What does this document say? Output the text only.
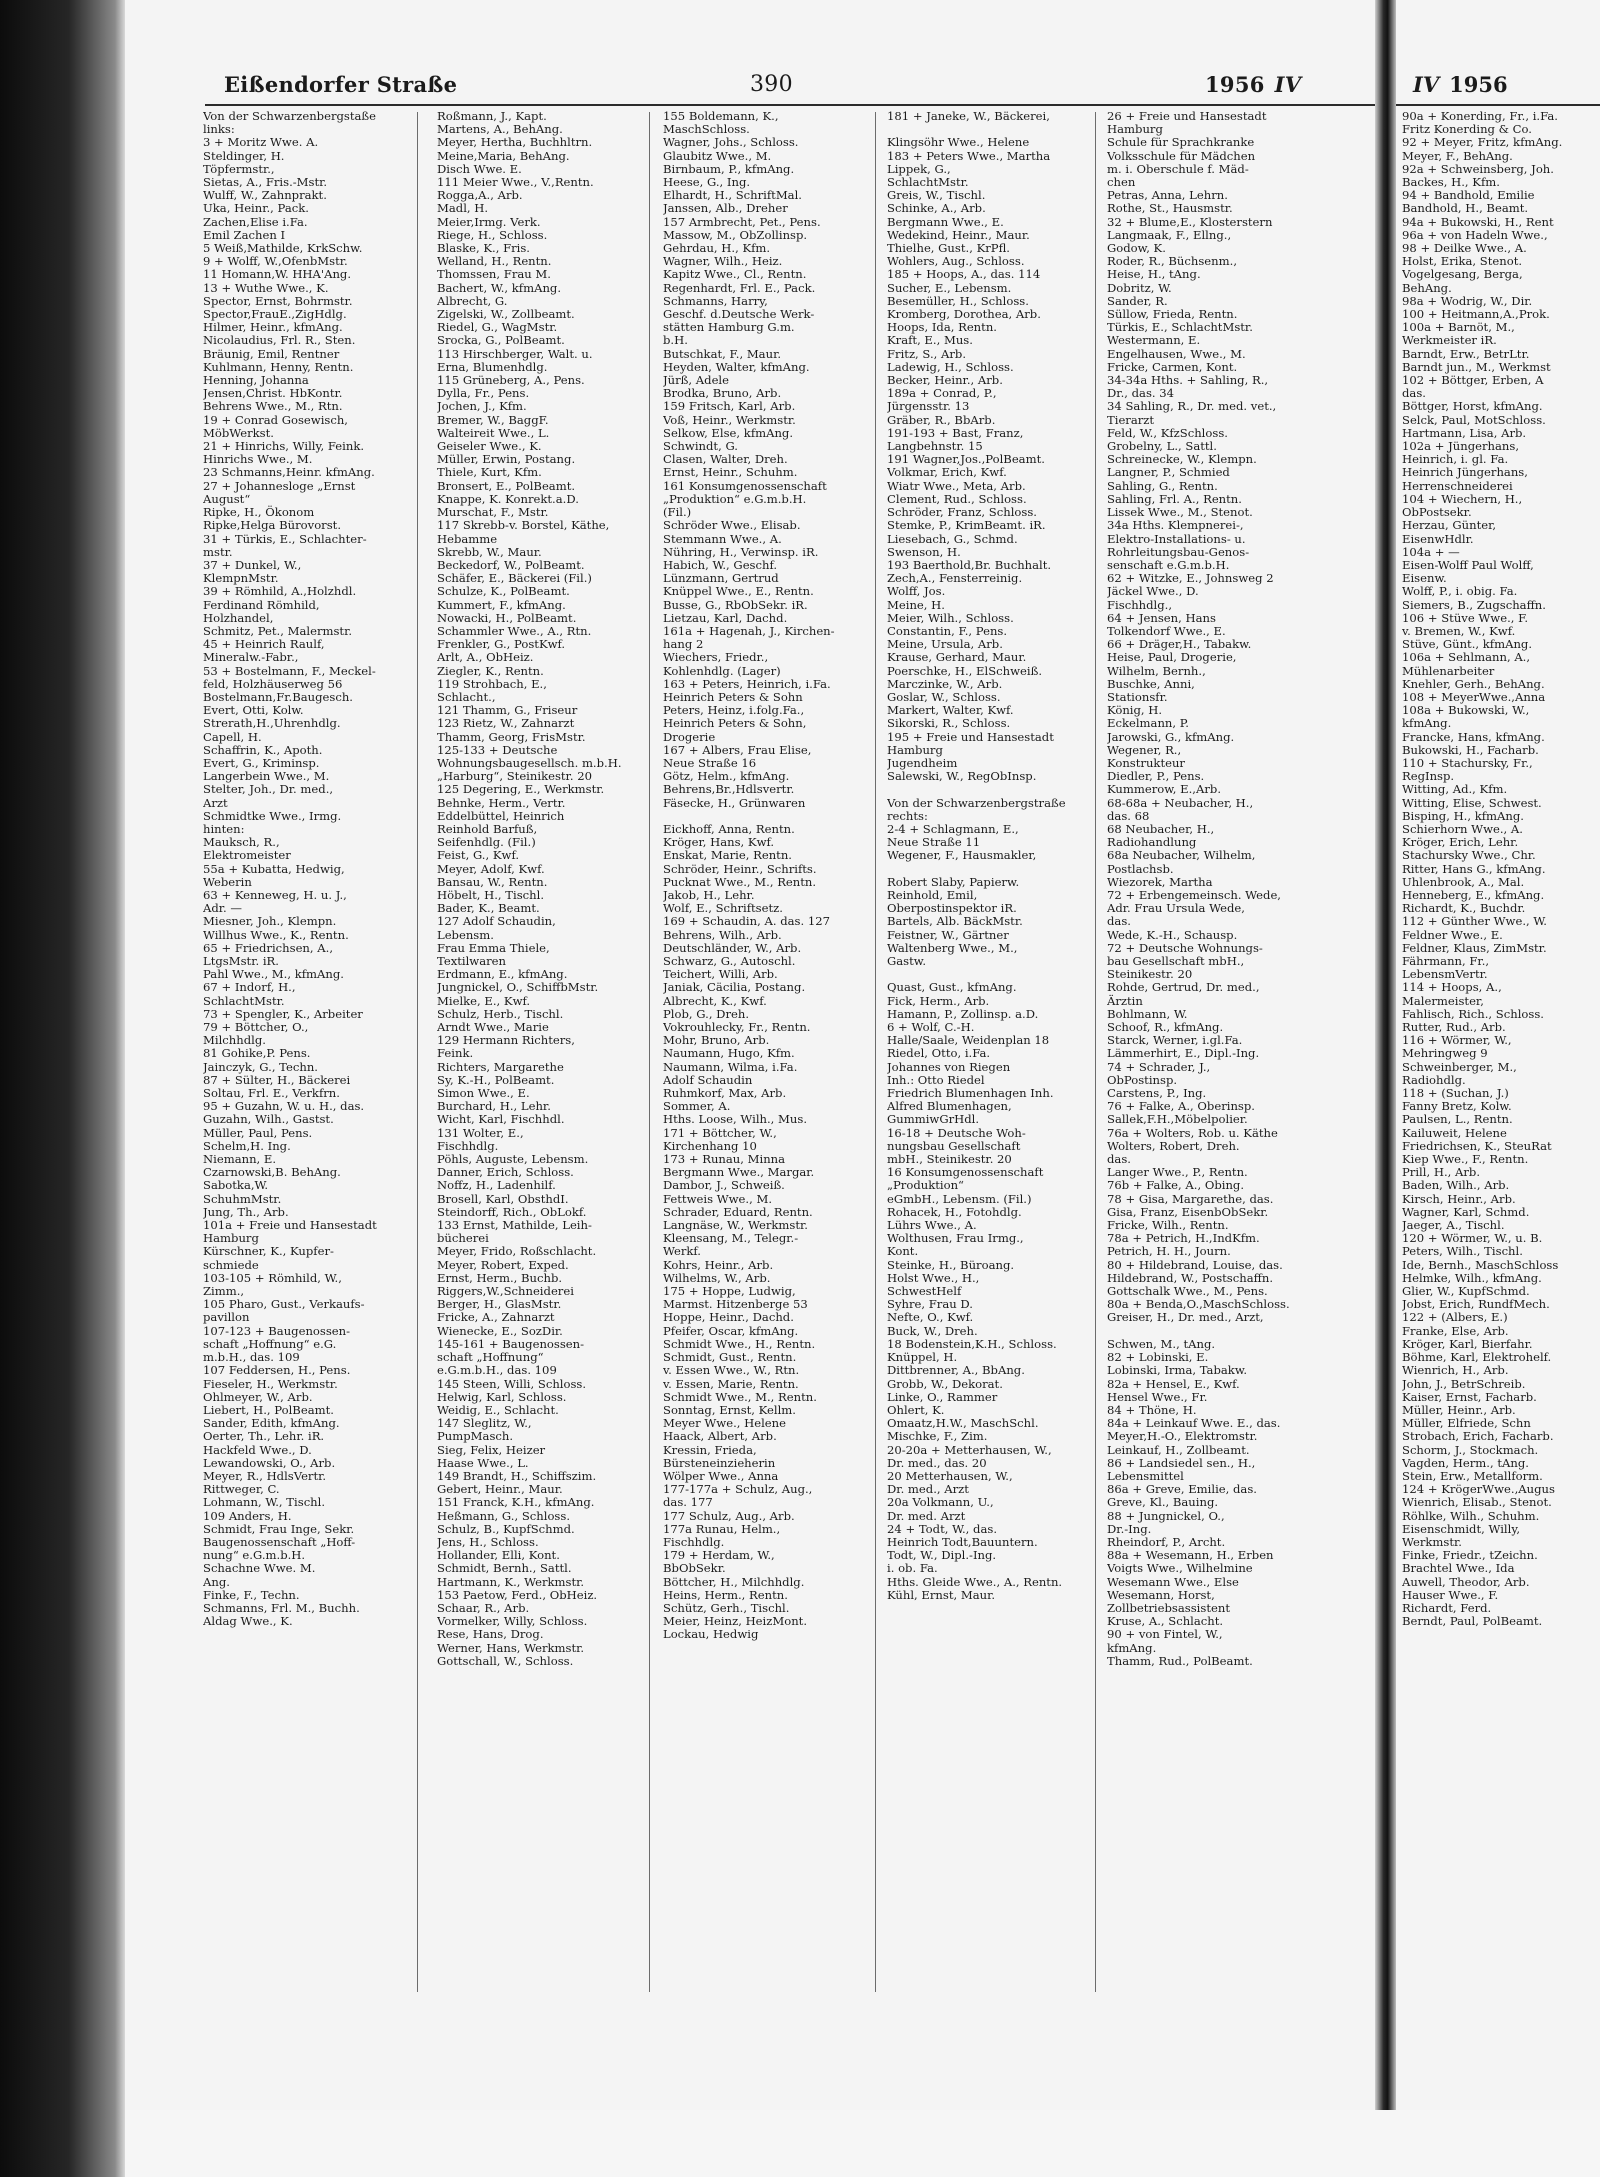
Eißendorfer Straße	390	1956 IV
Von der Schwarzenbergstaße
links:
3 + Moritz Wwe. A.
Steldinger, H.
Töpfermstr.,
Sietas, A., Fris.-Mstr.
Wulff, W., Zahnprakt.
Uka, Heinr., Pack.
Zachen,Elise i.Fa.
Emil Zachen I
5 Weiß,Mathilde, KrkSchw.
9 + Wolff, W.,OfenbMstr.
11 Homann,W. HHA'Ang.
13 + Wuthe Wwe., K.
Spector, Ernst, Bohrmstr.
Spector,FrauE.,ZigHdlg.
Hilmer, Heinr., kfmAng.
Nicolaudius, Frl. R., Sten.
Bräunig, Emil, Rentner
Kuhlmann, Henny, Rentn.
Henning, Johanna
Jensen,Christ. HbKontr.
Behrens Wwe., M., Rtn.
19 + Conrad Gosewisch,
MöbWerkst.
21 + Hinrichs, Willy, Feink.
Hinrichs Wwe., M.
23 Schmanns,Heinr. kfmAng.
27 + Johannesloge „Ernst
August“
Ripke, H., Ökonom
Ripke,Helga Bürovorst.
31 + Türkis, E., Schlachter-
mstr.
37 + Dunkel, W.,
KlempnMstr.
39 + Römhild, A.,Holzhdl.
Ferdinand Römhild,
Holzhandel,
Schmitz, Pet., Malermstr.
45 + Heinrich Raulf,
Mineralw.-Fabr.,
53 + Bostelmann, F., Meckel-
feld, Holzhäuserweg 56
Bostelmann,Fr.Baugesch.
Evert, Otti, Kolw.
Strerath,H.,Uhrenhdlg.
Capell, H.
Schaffrin, K., Apoth.
Evert, G., Kriminsp.
Langerbein Wwe., M.
Stelter, Joh., Dr. med.,
Arzt
Schmidtke Wwe., Irmg.
hinten:
Mauksch, R.,
Elektromeister
55a + Kubatta, Hedwig,
Weberin
63 + Kenneweg, H. u. J.,
Adr. —
Miesner, Joh., Klempn.
Willhus Wwe., K., Rentn.
65 + Friedrichsen, A.,
LtgsMstr. iR.
Pahl Wwe., M., kfmAng.
67 + Indorf, H.,
SchlachtMstr.
73 + Spengler, K., Arbeiter
79 + Böttcher, O.,
Milchhdlg.
81 Gohike,P. Pens.
Jainczyk, G., Techn.
87 + Sülter, H., Bäckerei
Soltau, Frl. E., Verkfrn.
95 + Guzahn, W. u. H., das.
Guzahn, Wilh., Gastst.
Müller, Paul, Pens.
Schelm,H. Ing.
Niemann, E.
Czarnowski,B. BehAng.
Sabotka,W.
SchuhmMstr.
Jung, Th., Arb.
101a + Freie und Hansestadt
Hamburg
Kürschner, K., Kupfer-
schmiede
103-105 + Römhild, W.,
Zimm.,
105 Pharo, Gust., Verkaufs-
pavillon
107-123 + Baugenossen-
schaft „Hoffnung“ e.G.
m.b.H., das. 109
107 Feddersen, H., Pens.
Fieseler, H., Werkmstr.
Ohlmeyer, W., Arb.
Liebert, H., PolBeamt.
Sander, Edith, kfmAng.
Oerter, Th., Lehr. iR.
Hackfeld Wwe., D.
Lewandowski, O., Arb.
Meyer, R., HdlsVertr.
Rittweger, C.
Lohmann, W., Tischl.
109 Anders, H.
Schmidt, Frau Inge, Sekr.
Baugenossenschaft „Hoff-
nung“ e.G.m.b.H.
Schachne Wwe. M.
Ang.
Finke, F., Techn.
Schmanns, Frl. M., Buchh.
Aldag Wwe., K.
Roßmann, J., Kapt.
Martens, A., BehAng.
Meyer, Hertha, Buchhltrn.
Meine,Maria, BehAng.
Disch Wwe. E.
111 Meier Wwe., V.,Rentn.
Rogga,A., Arb.
Madl, H.
Meier,Irmg. Verk.
Riege, H., Schloss.
Blaske, K., Fris.
Welland, H., Rentn.
Thomssen, Frau M.
Bachert, W., kfmAng.
Albrecht, G.
Zigelski, W., Zollbeamt.
Riedel, G., WagMstr.
Srocka, G., PolBeamt.
113 Hirschberger, Walt. u.
Erna, Blumenhdlg.
115 Grüneberg, A., Pens.
Dylla, Fr., Pens.
Jochen, J., Kfm.
Bremer, W., BaggF.
Walteireit Wwe., L.
Geiseler Wwe., K.
Müller, Erwin, Postang.
Thiele, Kurt, Kfm.
Bronsert, E., PolBeamt.
Knappe, K. Konrekt.a.D.
Murschat, F., Mstr.
117 Skrebb-v. Borstel, Käthe,
Hebamme
Skrebb, W., Maur.
Beckedorf, W., PolBeamt.
Schäfer, E., Bäckerei (Fil.)
Schulze, K., PolBeamt.
Kummert, F., kfmAng.
Nowacki, H., PolBeamt.
Schammler Wwe., A., Rtn.
Frenkler, G., PostKwf.
Arlt, A., ObHeiz.
Ziegler, K., Rentn.
119 Strohbach, E.,
Schlacht.,
121 Thamm, G., Friseur
123 Rietz, W., Zahnarzt
Thamm, Georg, FrisMstr.
125-133 + Deutsche
Wohnungsbaugesellsch. m.b.H.
„Harburg“, Steinikestr. 20
125 Degering, E., Werkmstr.
Behnke, Herm., Vertr.
Eddelbüttel, Heinrich
Reinhold Barfuß,
Seifenhdlg. (Fil.)
Feist, G., Kwf.
Meyer, Adolf, Kwf.
Bansau, W., Rentn.
Höbelt, H., Tischl.
Bader, K., Beamt.
127 Adolf Schaudin,
Lebensm.
Frau Emma Thiele,
Textilwaren
Erdmann, E., kfmAng.
Jungnickel, O., SchiffbMstr.
Mielke, E., Kwf.
Schulz, Herb., Tischl.
Arndt Wwe., Marie
129 Hermann Richters,
Feink.
Richters, Margarethe
Sy, K.-H., PolBeamt.
Simon Wwe., E.
Burchard, H., Lehr.
Wicht, Karl, Fischhdl.
131 Wolter, E.,
Fischhdlg.
Pöhls, Auguste, Lebensm.
Danner, Erich, Schloss.
Noffz, H., Ladenhilf.
Brosell, Karl, ObsthdI.
Steindorff, Rich., ObLokf.
133 Ernst, Mathilde, Leih-
bücherei
Meyer, Frido, Roßschlacht.
Meyer, Robert, Exped.
Ernst, Herm., Buchb.
Riggers,W.,Schneiderei
Berger, H., GlasMstr.
Fricke, A., Zahnarzt
Wienecke, E., SozDir.
145-161 + Baugenossen-
schaft „Hoffnung“
e.G.m.b.H., das. 109
145 Steen, Willi, Schloss.
Helwig, Karl, Schloss.
Weidig, E., Schlacht.
147 Sleglitz, W.,
PumpMasch.
Sieg, Felix, Heizer
Haase Wwe., L.
149 Brandt, H., Schiffszim.
Gebert, Heinr., Maur.
151 Franck, K.H., kfmAng.
Heßmann, G., Schloss.
Schulz, B., KupfSchmd.
Jens, H., Schloss.
Hollander, Elli, Kont.
Schmidt, Bernh., Sattl.
Hartmann, K., Werkmstr.
153 Paetow, Ferd., ObHeiz.
Schaar, R., Arb.
Vormelker, Willy, Schloss.
Rese, Hans, Drog.
Werner, Hans, Werkmstr.
Gottschall, W., Schloss.
155 Boldemann, K.,
MaschSchloss.
Wagner, Johs., Schloss.
Glaubitz Wwe., M.
Birnbaum, P., kfmAng.
Heese, G., Ing.
Elhardt, H., SchriftMal.
Janssen, Alb., Dreher
157 Armbrecht, Pet., Pens.
Massow, M., ObZollinsp.
Gehrdau, H., Kfm.
Wagner, Wilh., Heiz.
Kapitz Wwe., Cl., Rentn.
Regenhardt, Frl. E., Pack.
Schmanns, Harry,
Geschf. d.Deutsche Werk-
stätten Hamburg G.m.
b.H.
Butschkat, F., Maur.
Heyden, Walter, kfmAng.
Jürß, Adele
Brodka, Bruno, Arb.
159 Fritsch, Karl, Arb.
Voß, Heinr., Werkmstr.
Selkow, Else, kfmAng.
Schwindt, G.
Clasen, Walter, Dreh.
Ernst, Heinr., Schuhm.
161 Konsumgenossenschaft
„Produktion“ e.G.m.b.H.
(Fil.)
Schröder Wwe., Elisab.
Stemmann Wwe., A.
Nühring, H., Verwinsp. iR.
Habich, W., Geschf.
Lünzmann, Gertrud
Knüppel Wwe., E., Rentn.
Busse, G., RbObSekr. iR.
Lietzau, Karl, Dachd.
161a + Hagenah, J., Kirchen-
hang 2
Wiechers, Friedr.,
Kohlenhdlg. (Lager)
163 + Peters, Heinrich, i.Fa.
Heinrich Peters & Sohn
Peters, Heinz, i.folg.Fa.,
Heinrich Peters & Sohn,
Drogerie
167 + Albers, Frau Elise,
Neue Straße 16
Götz, Helm., kfmAng.
Behrens,Br.,Hdlsvertr.
Fäsecke, H., Grünwaren

Eickhoff, Anna, Rentn.
Kröger, Hans, Kwf.
Enskat, Marie, Rentn.
Schröder, Heinr., Schrifts.
Pucknat Wwe., M., Rentn.
Jakob, H., Lehr.
Wolf, E., Schriftsetz.
169 + Schaudin, A. das. 127
Behrens, Wilh., Arb.
Deutschländer, W., Arb.
Schwarz, G., Autoschl.
Teichert, Willi, Arb.
Janiak, Cäcilia, Postang.
Albrecht, K., Kwf.
Plob, G., Dreh.
Vokrouhlecky, Fr., Rentn.
Mohr, Bruno, Arb.
Naumann, Hugo, Kfm.
Naumann, Wilma, i.Fa.
Adolf Schaudin
Ruhmkorf, Max, Arb.
Sommer, A.
Hths. Loose, Wilh., Mus.
171 + Böttcher, W.,
Kirchenhang 10
173 + Runau, Minna
Bergmann Wwe., Margar.
Dambor, J., Schweiß.
Fettweis Wwe., M.
Schrader, Eduard, Rentn.
Langnäse, W., Werkmstr.
Kleensang, M., Telegr.-
Werkf.
Kohrs, Heinr., Arb.
Wilhelms, W., Arb.
175 + Hoppe, Ludwig,
Marmst. Hitzenberge 53
Hoppe, Heinr., Dachd.
Pfeifer, Oscar, kfmAng.
Schmidt Wwe., H., Rentn.
Schmidt, Gust., Rentn.
v. Essen Wwe., W., Rtn.
v. Essen, Marie, Rentn.
Schmidt Wwe., M., Rentn.
Sonntag, Ernst, Kellm.
Meyer Wwe., Helene
Haack, Albert, Arb.
Kressin, Frieda,
Bürsteneinzieherin
Wölper Wwe., Anna
177-177a + Schulz, Aug.,
das. 177
177 Schulz, Aug., Arb.
177a Runau, Helm.,
Fischhdlg.
179 + Herdam, W.,
BbObSekr.
Böttcher, H., Milchhdlg.
Heins, Herm., Rentn.
Schütz, Gerh., Tischl.
Meier, Heinz, HeizMont.
Lockau, Hedwig
181 + Janeke, W., Bäckerei,

Klingsöhr Wwe., Helene
183 + Peters Wwe., Martha
Lippek, G.,
SchlachtMstr.
Greis, W., Tischl.
Schinke, A., Arb.
Bergmann Wwe., E.
Wedekind, Heinr., Maur.
Thielhe, Gust., KrPfl.
Wohlers, Aug., Schloss.
185 + Hoops, A., das. 114
Sucher, E., Lebensm.
Besemüller, H., Schloss.
Kromberg, Dorothea, Arb.
Hoops, Ida, Rentn.
Kraft, E., Mus.
Fritz, S., Arb.
Ladewig, H., Schloss.
Becker, Heinr., Arb.
189a + Conrad, P.,
Jürgensstr. 13
Gräber, R., BbArb.
191-193 + Bast, Franz,
Langbehnstr. 15
191 Wagner,Jos.,PolBeamt.
Volkmar, Erich, Kwf.
Wiatr Wwe., Meta, Arb.
Clement, Rud., Schloss.
Schröder, Franz, Schloss.
Stemke, P., KrimBeamt. iR.
Liesebach, G., Schmd.
Swenson, H.
193 Baerthold,Br. Buchhalt.
Zech,A., Fensterreinig.
Wolff, Jos.
Meine, H.
Meier, Wilh., Schloss.
Constantin, F., Pens.
Meine, Ursula, Arb.
Krause, Gerhard, Maur.
Poerschke, H., ElSchweiß.
Marczinke, W., Arb.
Goslar, W., Schloss.
Markert, Walter, Kwf.
Sikorski, R., Schloss.
195 + Freie und Hansestadt
Hamburg
Jugendheim
Salewski, W., RegObInsp.

Von der Schwarzenbergstraße
rechts:
2-4 + Schlagmann, E.,
Neue Straße 11
Wegener, F., Hausmakler,

Robert Slaby, Papierw.
Reinhold, Emil,
Oberpostinspektor iR.
Bartels, Alb. BäckMstr.
Feistner, W., Gärtner
Waltenberg Wwe., M.,
Gastw.

Quast, Gust., kfmAng.
Fick, Herm., Arb.
Hamann, P., Zollinsp. a.D.
6 + Wolf, C.-H.
Halle/Saale, Weidenplan 18
Riedel, Otto, i.Fa.
Johannes von Riegen
Inh.: Otto Riedel
Friedrich Blumenhagen Inh.
Alfred Blumenhagen,
GummiwGrHdl.
16-18 + Deutsche Woh-
nungsbau Gesellschaft
mbH., Steinikestr. 20
16 Konsumgenossenschaft
„Produktion“
eGmbH., Lebensm. (Fil.)
Rohacek, H., Fotohdlg.
Lührs Wwe., A.
Wolthusen, Frau Irmg.,
Kont.
Steinke, H., Büroang.
Holst Wwe., H.,
SchwestHelf
Syhre, Frau D.
Nefte, O., Kwf.
Buck, W., Dreh.
18 Bodenstein,K.H., Schloss.
Knüppel, H.
Dittbrenner, A., BbAng.
Grobb, W., Dekorat.
Linke, O., Rammer
Ohlert, K.
Omaatz,H.W., MaschSchl.
Mischke, F., Zim.
20-20a + Metterhausen, W.,
Dr. med., das. 20
20 Metterhausen, W.,
Dr. med., Arzt
20a Volkmann, U.,
Dr. med. Arzt
24 + Todt, W., das.
Heinrich Todt,Bauuntern.
Todt, W., Dipl.-Ing.
i. ob. Fa.
Hths. Gleide Wwe., A., Rentn.
Kühl, Ernst, Maur.
26 + Freie und Hansestadt
Hamburg
Schule für Sprachkranke
Volksschule für Mädchen
m. i. Oberschule f. Mäd-
chen
Petras, Anna, Lehrn.
Rothe, St., Hausmstr.
32 + Blume,E., Klosterstern
Langmaak, F., Ellng.,
Godow, K.
Roder, R., Büchsenm.,
Heise, H., tAng.
Dobritz, W.
Sander, R.
Süllow, Frieda, Rentn.
Türkis, E., SchlachtMstr.
Westermann, E.
Engelhausen, Wwe., M.
Fricke, Carmen, Kont.
34-34a Hths. + Sahling, R.,
Dr., das. 34
34 Sahling, R., Dr. med. vet.,
Tierarzt
Feld, W., KfzSchloss.
Grobelny, L., Sattl.
Schreinecke, W., Klempn.
Langner, P., Schmied
Sahling, G., Rentn.
Sahling, Frl. A., Rentn.
Lissek Wwe., M., Stenot.
34a Hths. Klempnerei-,
Elektro-Installations- u.
Rohrleitungsbau-Genos-
senschaft e.G.m.b.H.
62 + Witzke, E., Johnsweg 2
Jäckel Wwe., D.
Fischhdlg.,
64 + Jensen, Hans
Tolkendorf Wwe., E.
66 + Dräger,H., Tabakw.
Heise, Paul, Drogerie,
Wilhelm, Bernh.,
Buschke, Anni,
Stationsfr.
König, H.
Eckelmann, P.
Jarowski, G., kfmAng.
Wegener, R.,
Konstrukteur
Diedler, P., Pens.
Kummerow, E.,Arb.
68-68a + Neubacher, H.,
das. 68
68 Neubacher, H.,
Radiohandlung
68a Neubacher, Wilhelm,
Postlachsb.
Wiezorek, Martha
72 + Erbengemeinsch. Wede,
Adr. Frau Ursula Wede,
das.
Wede, K.-H., Schausp.
72 + Deutsche Wohnungs-
bau Gesellschaft mbH.,
Steinikestr. 20
Rohde, Gertrud, Dr. med.,
Ärztin
Bohlmann, W.
Schoof, R., kfmAng.
Starck, Werner, i.gl.Fa.
Lämmerhirt, E., Dipl.-Ing.
74 + Schrader, J.,
ObPostinsp.
Carstens, P., Ing.
76 + Falke, A., Oberinsp.
Sallek,F.H.,Möbelpolier.
76a + Wolters, Rob. u. Käthe
Wolters, Robert, Dreh.
das.
Langer Wwe., P., Rentn.
76b + Falke, A., Obing.
78 + Gisa, Margarethe, das.
Gisa, Franz, EisenbObSekr.
Fricke, Wilh., Rentn.
78a + Petrich, H.,IndKfm.
Petrich, H. H., Journ.
80 + Hildebrand, Louise, das.
Hildebrand, W., Postschaffn.
Gottschalk Wwe., M., Pens.
80a + Benda,O.,MaschSchloss.
Greiser, H., Dr. med., Arzt,

Schwen, M., tAng.
82 + Lobinski, E.
Lobinski, Irma, Tabakw.
82a + Hensel, E., Kwf.
Hensel Wwe., Fr.
84 + Thöne, H.
84a + Leinkauf Wwe. E., das.
Meyer,H.-O., Elektromstr.
Leinkauf, H., Zollbeamt.
86 + Landsiedel sen., H.,
Lebensmittel
86a + Greve, Emilie, das.
Greve, Kl., Bauing.
88 + Jungnickel, O.,
Dr.-Ing.
Rheindorf, P., Archt.
88a + Wesemann, H., Erben
Voigts Wwe., Wilhelmine
Wesemann Wwe., Else
Wesemann, Horst,
Zollbetriebsassistent
Kruse, A., Schlacht.
90 + von Fintel, W.,
kfmAng.
Thamm, Rud., PolBeamt.
IV 1956
90a + Konerding, Fr., i.Fa.
Fritz Konerding & Co.
92 + Meyer, Fritz, kfmAng.
Meyer, F., BehAng.
92a + Schweinsberg, Joh.
Backes, H., Kfm.
94 + Bandhold, Emilie
Bandhold, H., Beamt.
94a + Bukowski, H., Rent
96a + von Hadeln Wwe.,
98 + Deilke Wwe., A.
Holst, Erika, Stenot.
Vogelgesang, Berga,
BehAng.
98a + Wodrig, W., Dir.
100 + Heitmann,A.,Prok.
100a + Barnöt, M.,
Werkmeister iR.
Barndt, Erw., BetrLtr.
Barndt jun., M., Werkmst
102 + Böttger, Erben, A
das.
Böttger, Horst, kfmAng.
Selck, Paul, MotSchloss.
Hartmann, Lisa, Arb.
102a + Jüngerhans,
Heinrich, i. gl. Fa.
Heinrich Jüngerhans,
Herrenschneiderei
104 + Wiechern, H.,
ObPostsekr.
Herzau, Günter,
EisenwHdlr.
104a + —
Eisen-Wolff Paul Wolff,
Eisenw.
Wolff, P., i. obig. Fa.
Siemers, B., Zugschaffn.
106 + Stüve Wwe., F.
v. Bremen, W., Kwf.
Stüve, Günt., kfmAng.
106a + Sehlmann, A.,
Mühlenarbeiter
Knehler, Gerh., BehAng.
108 + MeyerWwe.,Anna
108a + Bukowski, W.,
kfmAng.
Francke, Hans, kfmAng.
Bukowski, H., Facharb.
110 + Stachursky, Fr.,
RegInsp.
Witting, Ad., Kfm.
Witting, Elise, Schwest.
Bisping, H., kfmAng.
Schierhorn Wwe., A.
Kröger, Erich, Lehr.
Stachursky Wwe., Chr.
Ritter, Hans G., kfmAng.
Uhlenbrook, A., Mal.
Henneberg, E., kfmAng.
Richardt, K., Buchdr.
112 + Günther Wwe., W.
Feldner Wwe., E.
Feldner, Klaus, ZimMstr.
Fährmann, Fr.,
LebensmVertr.
114 + Hoops, A.,
Malermeister,
Fahlisch, Rich., Schloss.
Rutter, Rud., Arb.
116 + Wörmer, W.,
Mehringweg 9
Schweinberger, M.,
Radiohdlg.
118 + (Suchan, J.)
Fanny Bretz, Kolw.
Paulsen, L., Rentn.
Kailuweit, Helene
Friedrichsen, K., SteuRat
Kiep Wwe., F., Rentn.
Prill, H., Arb.
Baden, Wilh., Arb.
Kirsch, Heinr., Arb.
Wagner, Karl, Schmd.
Jaeger, A., Tischl.
120 + Wörmer, W., u. B.
Peters, Wilh., Tischl.
Ide, Bernh., MaschSchloss
Helmke, Wilh., kfmAng.
Glier, W., KupfSchmd.
Jobst, Erich, RundfMech.
122 + (Albers, E.)
Franke, Else, Arb.
Kröger, Karl, Bierfahr.
Böhme, Karl, Elektrohelf.
Wienrich, H., Arb.
John, J., BetrSchreib.
Kaiser, Ernst, Facharb.
Müller, Heinr., Arb.
Müller, Elfriede, Schn
Strobach, Erich, Facharb.
Schorm, J., Stockmach.
Vagden, Herm., tAng.
Stein, Erw., Metallform.
124 + KrögerWwe.,Augus
Wienrich, Elisab., Stenot.
Röhlke, Wilh., Schuhm.
Eisenschmidt, Willy,
Werkmstr.
Finke, Friedr., tZeichn.
Brachtel Wwe., Ida
Auwell, Theodor, Arb.
Hauser Wwe., F.
Richardt, Ferd.
Berndt, Paul, PolBeamt.
